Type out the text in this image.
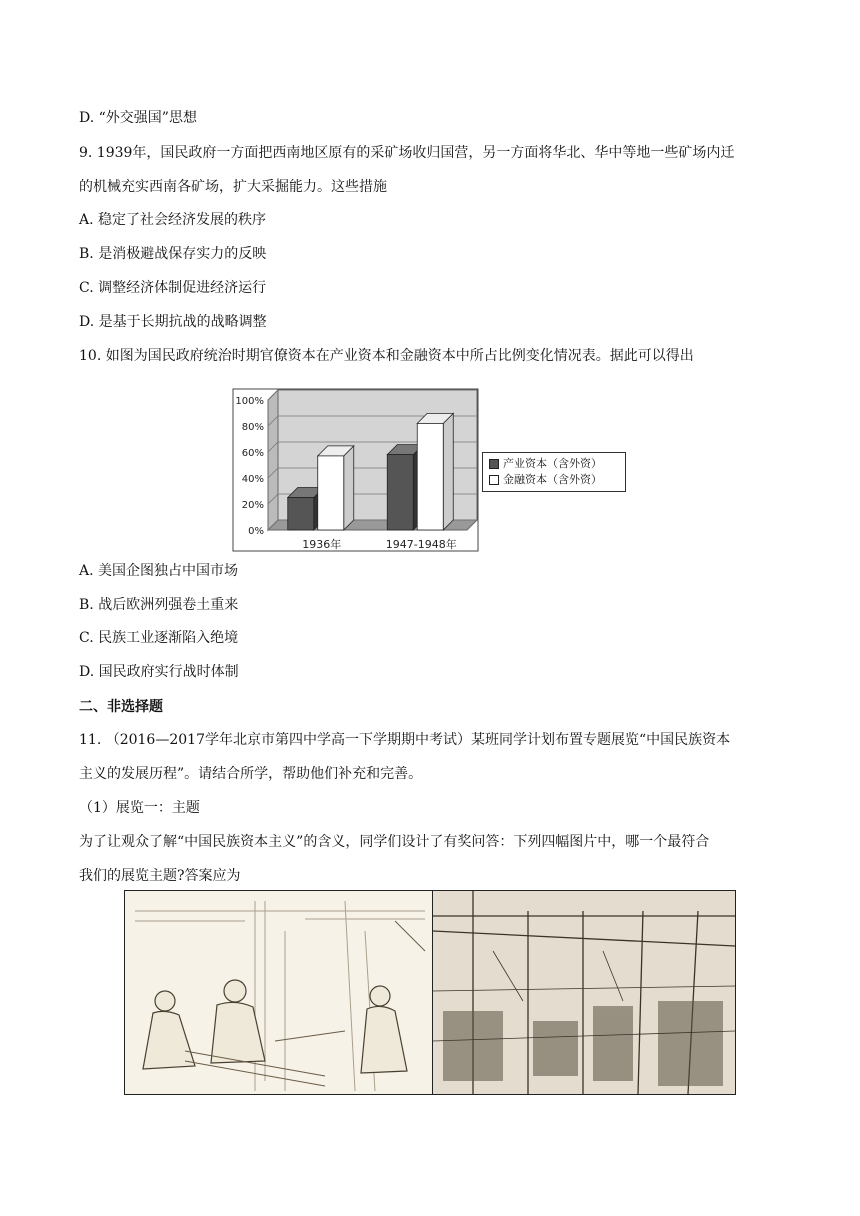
D. “外交强国”思想
9. 1939年，国民政府一方面把西南地区原有的采矿场收归国营，另一方面将华北、华中等地一些矿场内迁
的机械充实西南各矿场，扩大采掘能力。这些措施
A. 稳定了社会经济发展的秩序
B. 是消极避战保存实力的反映
C. 调整经济体制促进经济运行
D. 是基于长期抗战的战略调整
10. 如图为国民政府统治时期官僚资本在产业资本和金融资本中所占比例变化情况表。据此可以得出
0%
20%
40%
60%
80%
100%
1936年	1947-1948年
产业资本（含外资）
金融资本（含外资）
A. 美国企图独占中国市场
B. 战后欧洲列强卷土重来
C. 民族工业逐渐陷入绝境
D. 国民政府实行战时体制
二、非选择题
11. （2016—2017学年北京市第四中学高一下学期期中考试）某班同学计划布置专题展览“中国民族资本
主义的发展历程”。请结合所学，帮助他们补充和完善。
（1）展览一：主题
为了让观众了解“中国民族资本主义”的含义，同学们设计了有奖问答：下列四幅图片中，哪一个最符合
我们的展览主题?答案应为
